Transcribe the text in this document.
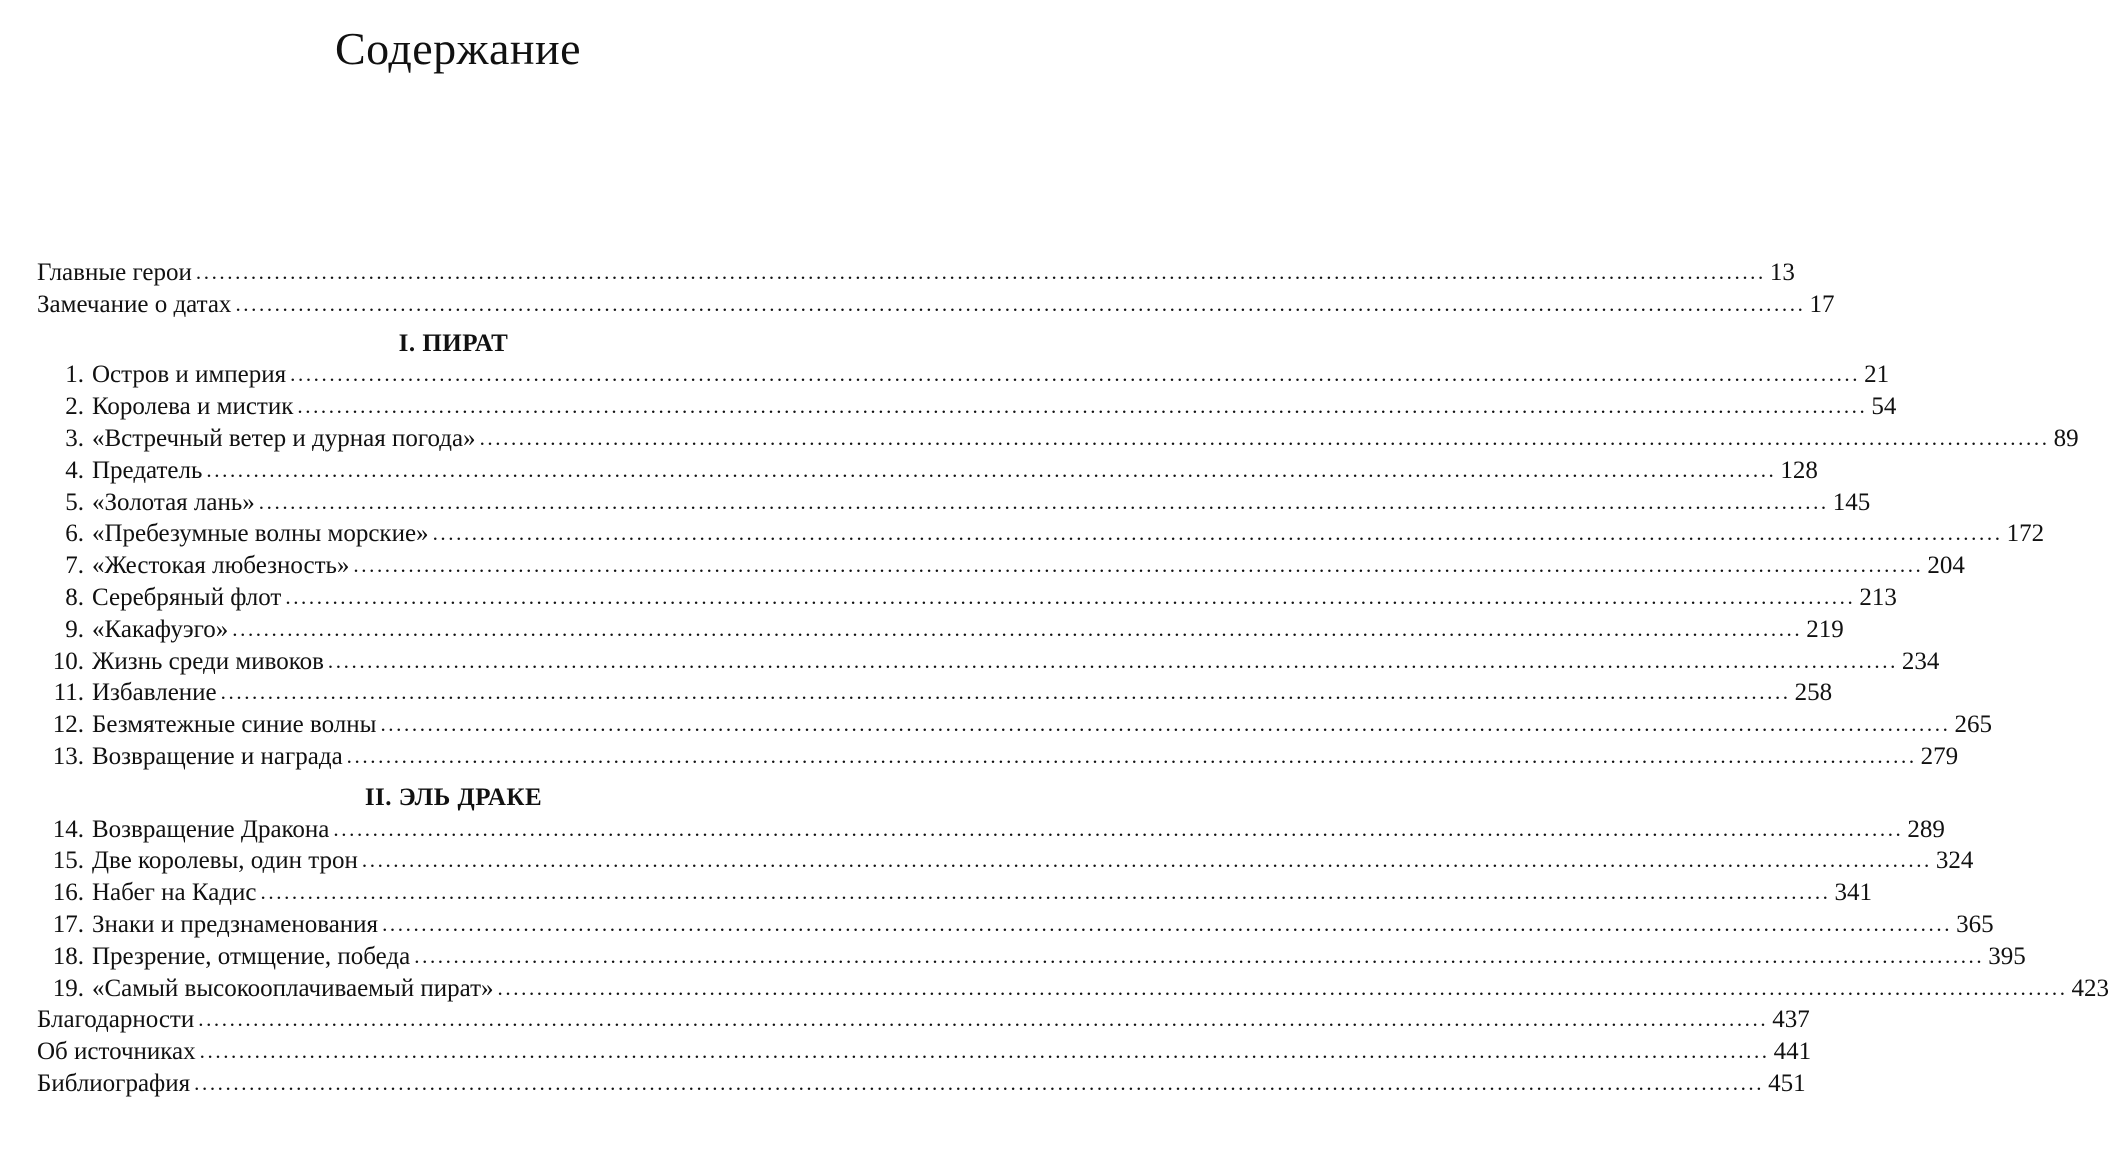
Содержание
Главные герои ........................................................................................................................................................................................................ 13
Замечание о датах ........................................................................................................................................................................................................ 17
I. ПИРАТ
1. Остров и империя ........................................................................................................................................................................................................ 21
2. Королева и мистик ........................................................................................................................................................................................................ 54
3. «Встречный ветер и дурная погода» ........................................................................................................................................................................................................ 89
4. Предатель ........................................................................................................................................................................................................ 128
5. «Золотая лань» ........................................................................................................................................................................................................ 145
6. «Пребезумные волны морские» ........................................................................................................................................................................................................ 172
7. «Жестокая любезность» ........................................................................................................................................................................................................ 204
8. Серебряный флот ........................................................................................................................................................................................................ 213
9. «Какафуэго» ........................................................................................................................................................................................................ 219
10. Жизнь среди мивоков ........................................................................................................................................................................................................ 234
11. Избавление ........................................................................................................................................................................................................ 258
12. Безмятежные синие волны ........................................................................................................................................................................................................ 265
13. Возвращение и награда ........................................................................................................................................................................................................ 279
II. ЭЛЬ ДРАКЕ
14. Возвращение Дракона ........................................................................................................................................................................................................ 289
15. Две королевы, один трон ........................................................................................................................................................................................................ 324
16. Набег на Кадис ........................................................................................................................................................................................................ 341
17. Знаки и предзнаменования ........................................................................................................................................................................................................ 365
18. Презрение, отмщение, победа ........................................................................................................................................................................................................ 395
19. «Самый высокооплачиваемый пират» ........................................................................................................................................................................................................ 423
Благодарности ........................................................................................................................................................................................................ 437
Об источниках ........................................................................................................................................................................................................ 441
Библиография ........................................................................................................................................................................................................ 451
